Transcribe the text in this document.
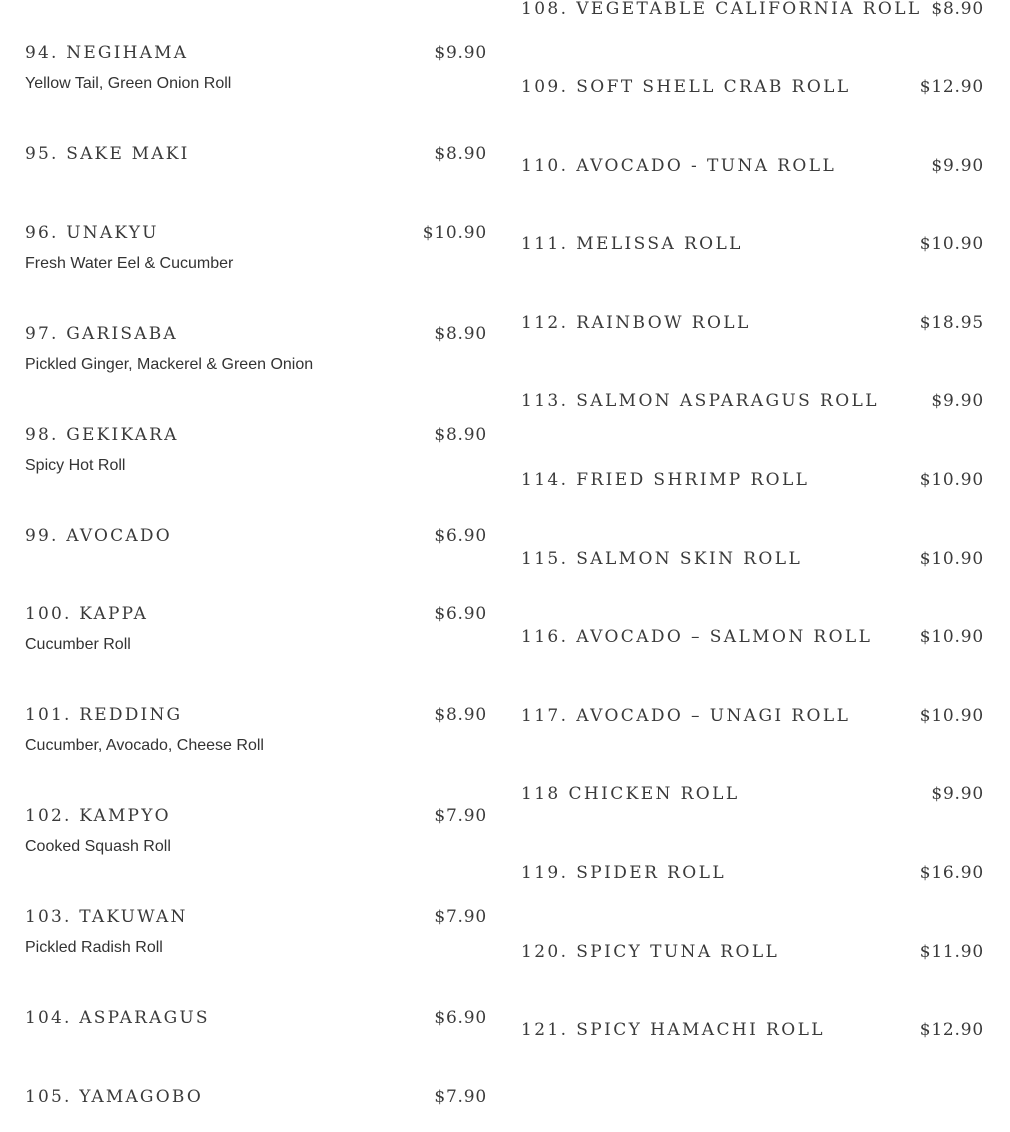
94. NEGIHAMA	$9.90
Yellow Tail, Green Onion Roll
95. SAKE MAKI	$8.90
96. UNAKYU	$10.90
Fresh Water Eel & Cucumber
97. GARISABA	$8.90
Pickled Ginger, Mackerel & Green Onion
98. GEKIKARA	$8.90
Spicy Hot Roll
99. AVOCADO	$6.90
100. KAPPA	$6.90
Cucumber Roll
101. REDDING	$8.90
Cucumber, Avocado, Cheese Roll
102. KAMPYO	$7.90
Cooked Squash Roll
103. TAKUWAN	$7.90
Pickled Radish Roll
104. ASPARAGUS	$6.90
105. YAMAGOBO	$7.90
108. VEGETABLE CALIFORNIA ROLL $8.90
109. SOFT SHELL CRAB ROLL	$12.90
110. AVOCADO - TUNA ROLL	$9.90
111. MELISSA ROLL	$10.90
112. RAINBOW ROLL	$18.95
113. SALMON ASPARAGUS ROLL	$9.90
114. FRIED SHRIMP ROLL	$10.90
115. SALMON SKIN ROLL	$10.90
116. AVOCADO – SALMON ROLL	$10.90
117. AVOCADO – UNAGI ROLL	$10.90
118 CHICKEN ROLL	$9.90
119. SPIDER ROLL	$16.90
120. SPICY TUNA ROLL	$11.90
121. SPICY HAMACHI ROLL	$12.90
